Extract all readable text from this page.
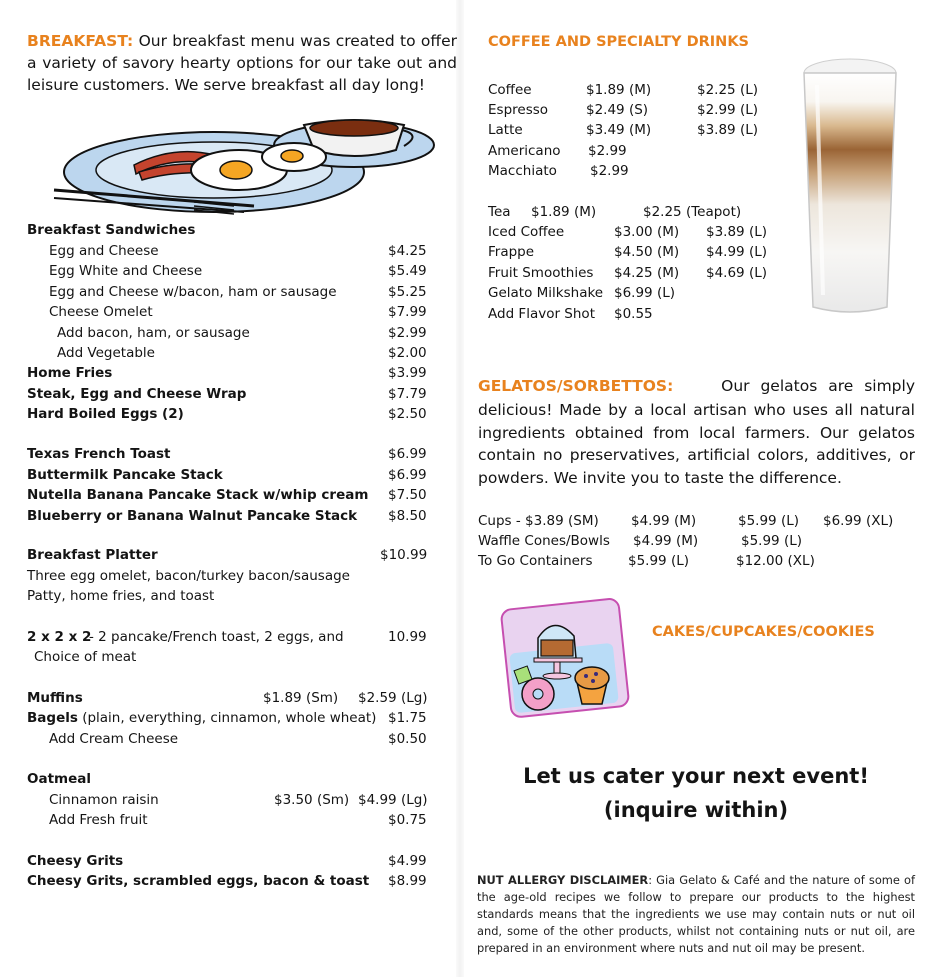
BREAKFAST: Our breakfast menu was created to offer a variety of savory hearty options for our take out and leisure customers. We serve breakfast all day long!
Breakfast Sandwiches
Egg and Cheese	$4.25
Egg White and Cheese	$5.49
Egg and Cheese w/bacon, ham or sausage	$5.25
Cheese Omelet	$7.99
Add bacon, ham, or sausage	$2.99
Add Vegetable	$2.00
Home Fries	$3.99
Steak, Egg and Cheese Wrap	$7.79
Hard Boiled Eggs (2)	$2.50
Texas French Toast	$6.99
Buttermilk Pancake Stack	$6.99
Nutella Banana Pancake Stack w/whip cream $7.50
Blueberry or Banana Walnut Pancake Stack $8.50
Breakfast Platter	$10.99
Three egg omelet, bacon/turkey bacon/sausage
Patty, home fries, and toast
2 x 2 x 2
- 2 pancake/French toast, 2 eggs, and	10.99
Choice of meat
Muffins	$1.89 (Sm) $2.59 (Lg)
Bagels (plain, everything, cinnamon, whole wheat) $1.75
Add Cream Cheese	$0.50
Oatmeal
Cinnamon raisin	$3.50 (Sm) $4.99 (Lg)
Add Fresh fruit	$0.75
Cheesy Grits	$4.99
Cheesy Grits, scrambled eggs, bacon & toast $8.99
COFFEE AND SPECIALTY DRINKS
Coffee	$1.89 (M)	$2.25 (L)
Espresso	$2.49 (S)	$2.99 (L)
Latte	$3.49 (M)	$3.89 (L)
Americano $2.99
Macchiato $2.99
Tea $1.89 (M)	$2.25 (Teapot)
Iced Coffee	$3.00 (M) $3.89 (L)
Frappe	$4.50 (M) $4.99 (L)
Fruit Smoothies $4.25 (M) $4.69 (L)
Gelato Milkshake $6.99 (L)
Add Flavor Shot $0.55
GELATOS/SORBETTOS:	Our gelatos are simply
delicious! Made by a local artisan who uses all natural ingredients obtained from local farmers. Our gelatos contain no preservatives, artificial colors, additives, or powders. We invite you to taste the difference.
Cups - $3.89 (SM) $4.99 (M)	$5.99 (L) $6.99 (XL)
Waffle Cones/Bowls $4.99 (M)	$5.99 (L)
To Go Containers	$5.99 (L)	$12.00 (XL)
CAKES/CUPCAKES/COOKIES
Let us cater your next event!
(inquire within)
NUT ALLERGY DISCLAIMER: Gia Gelato & Café and the nature of some of the age-old recipes we follow to prepare our products to the highest standards means that the ingredients we use may contain nuts or nut oil and, some of the other products, whilst not containing nuts or nut oil, are prepared in an environment where nuts and nut oil may be present.
